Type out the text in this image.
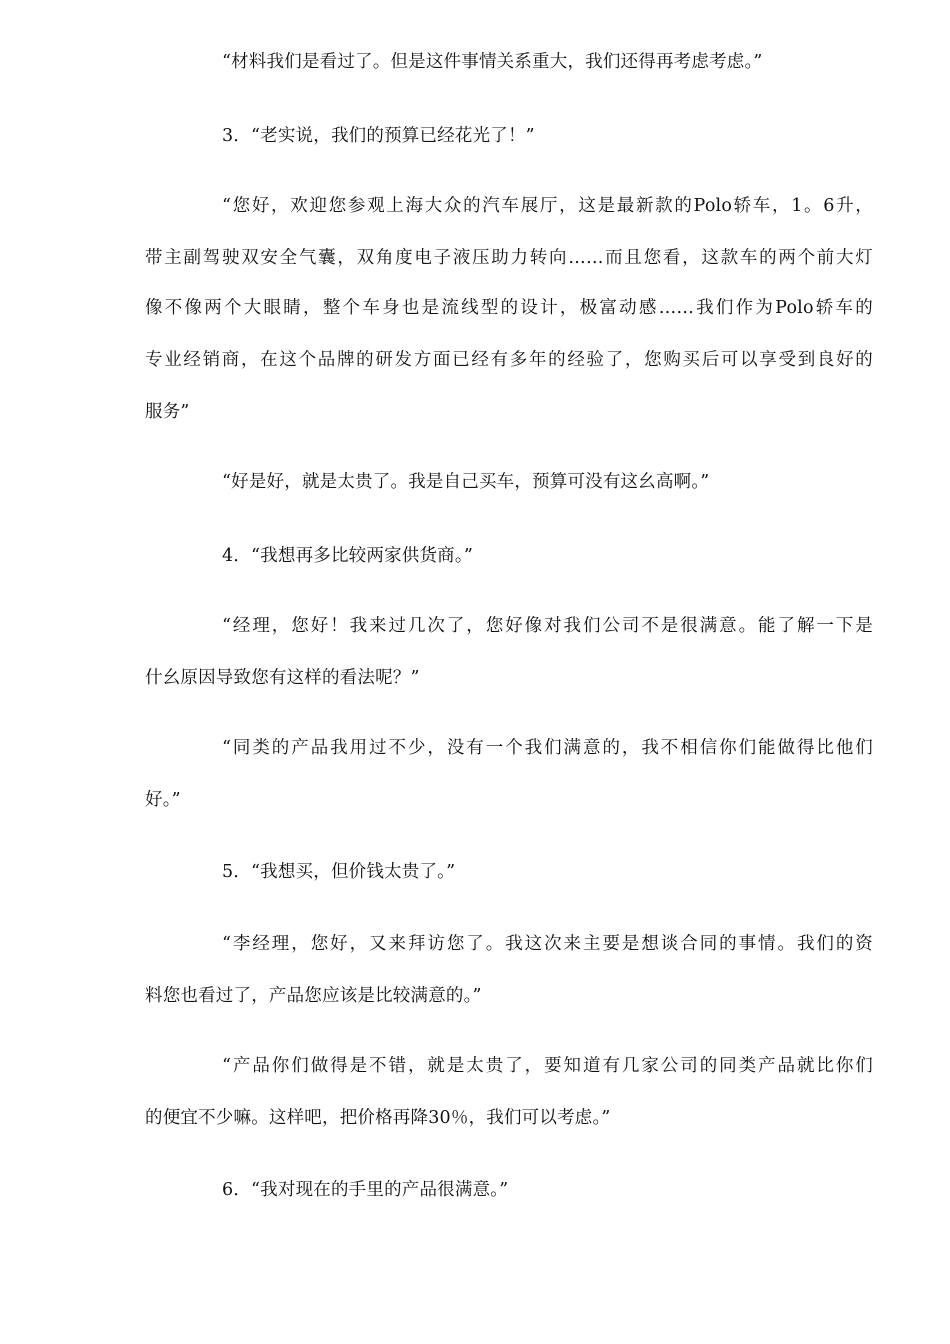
“材料我们是看过了。但是这件事情关系重大，我们还得再考虑考虑。”
3．“老实说，我们的预算已经花光了！”
“您好，欢迎您参观上海大众的汽车展厅，这是最新款的Polo轿车，1。6升，
带主副驾驶双安全气囊，双角度电子液压助力转向……而且您看，这款车的两个前大灯
像不像两个大眼睛，整个车身也是流线型的设计，极富动感……我们作为Polo轿车的
专业经销商，在这个品牌的研发方面已经有多年的经验了，您购买后可以享受到良好的
服务”
“好是好，就是太贵了。我是自己买车，预算可没有这幺高啊。”
4．“我想再多比较两家供货商。”
“经理，您好！我来过几次了，您好像对我们公司不是很满意。能了解一下是
什幺原因导致您有这样的看法呢？”
“同类的产品我用过不少，没有一个我们满意的，我不相信你们能做得比他们
好。”
5．“我想买，但价钱太贵了。”
“李经理，您好，又来拜访您了。我这次来主要是想谈合同的事情。我们的资
料您也看过了，产品您应该是比较满意的。”
“产品你们做得是不错，就是太贵了，要知道有几家公司的同类产品就比你们
的便宜不少嘛。这样吧，把价格再降30％，我们可以考虑。”
6．“我对现在的手里的产品很满意。”
